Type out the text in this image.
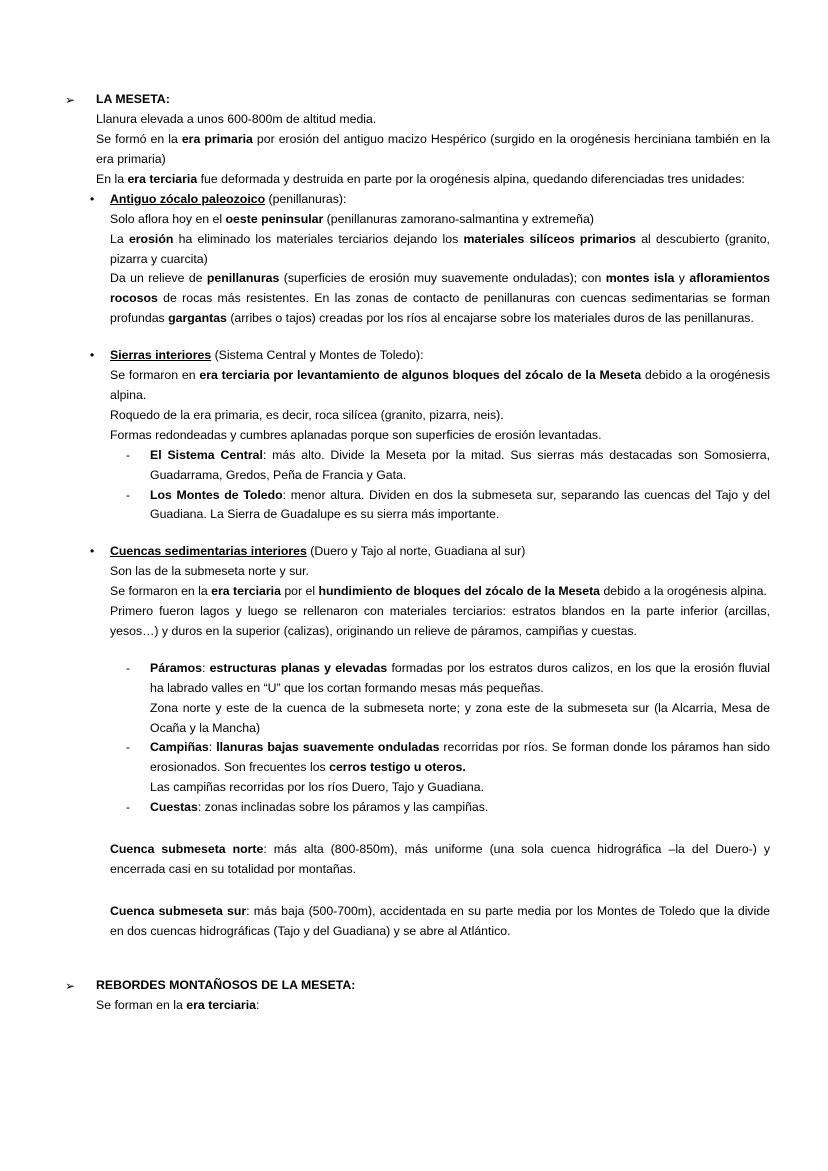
➢ LA MESETA:

Llanura elevada a unos 600-800m de altitud media.

Se formó en la era primaria por erosión del antiguo macizo Hespérico (surgido en la orogénesis herciniana también en la era primaria)

En la era terciaria fue deformada y destruida en parte por la orogénesis alpina, quedando diferenciadas tres unidades:

• Antiguo zócalo paleozoico (penillanuras):

Solo aflora hoy en el oeste peninsular (penillanuras zamorano-salmantina y extremeña)

La erosión ha eliminado los materiales terciarios dejando los materiales silíceos primarios al descubierto (granito, pizarra y cuarcita)

Da un relieve de penillanuras (superficies de erosión muy suavemente onduladas); con montes isla y afloramientos rocosos de rocas más resistentes. En las zonas de contacto de penillanuras con cuencas sedimentarias se forman profundas gargantas (arribes o tajos) creadas por los ríos al encajarse sobre los materiales duros de las penillanuras.

• Sierras interiores (Sistema Central y Montes de Toledo):

Se formaron en era terciaria por levantamiento de algunos bloques del zócalo de la Meseta debido a la orogénesis alpina.

Roquedo de la era primaria, es decir, roca silícea (granito, pizarra, neis).

Formas redondeadas y cumbres aplanadas porque son superficies de erosión levantadas.

- El Sistema Central: más alto. Divide la Meseta por la mitad. Sus sierras más destacadas son Somosierra, Guadarrama, Gredos, Peña de Francia y Gata.

- Los Montes de Toledo: menor altura. Dividen en dos la submeseta sur, separando las cuencas del Tajo y del Guadiana. La Sierra de Guadalupe es su sierra más importante.

• Cuencas sedimentarias interiores (Duero y Tajo al norte, Guadiana al sur)

Son las de la submeseta norte y sur.

Se formaron en la era terciaria por el hundimiento de bloques del zócalo de la Meseta debido a la orogénesis alpina.

Primero fueron lagos y luego se rellenaron con materiales terciarios: estratos blandos en la parte inferior (arcillas, yesos…) y duros en la superior (calizas), originando un relieve de páramos, campiñas y cuestas.

- Páramos: estructuras planas y elevadas formadas por los estratos duros calizos, en los que la erosión fluvial ha labrado valles en “U” que los cortan formando mesas más pequeñas.

Zona norte y este de la cuenca de la submeseta norte; y zona este de la submeseta sur (la Alcarria, Mesa de Ocaña y la Mancha)

- Campiñas: llanuras bajas suavemente onduladas recorridas por ríos. Se forman donde los páramos han sido erosionados. Son frecuentes los cerros testigo u oteros.

Las campiñas recorridas por los ríos Duero, Tajo y Guadiana.

- Cuestas: zonas inclinadas sobre los páramos y las campiñas.

Cuenca submeseta norte: más alta (800-850m), más uniforme (una sola cuenca hidrográfica –la del Duero-) y encerrada casi en su totalidad por montañas.

Cuenca submeseta sur: más baja (500-700m), accidentada en su parte media por los Montes de Toledo que la divide en dos cuencas hidrográficas (Tajo y del Guadiana) y se abre al Atlántico.

➢ REBORDES MONTAÑOSOS DE LA MESETA:

Se forman en la era terciaria:
